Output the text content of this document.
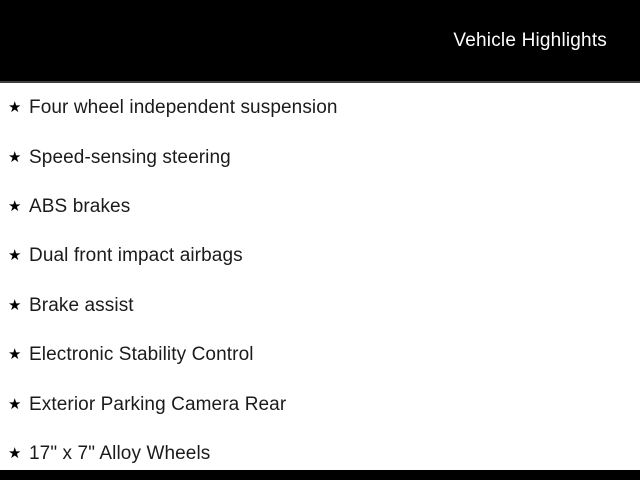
Vehicle Highlights
★ Four wheel independent suspension
★ Speed-sensing steering
★ ABS brakes
★ Dual front impact airbags
★ Brake assist
★ Electronic Stability Control
★ Exterior Parking Camera Rear
★ 17" x 7" Alloy Wheels
